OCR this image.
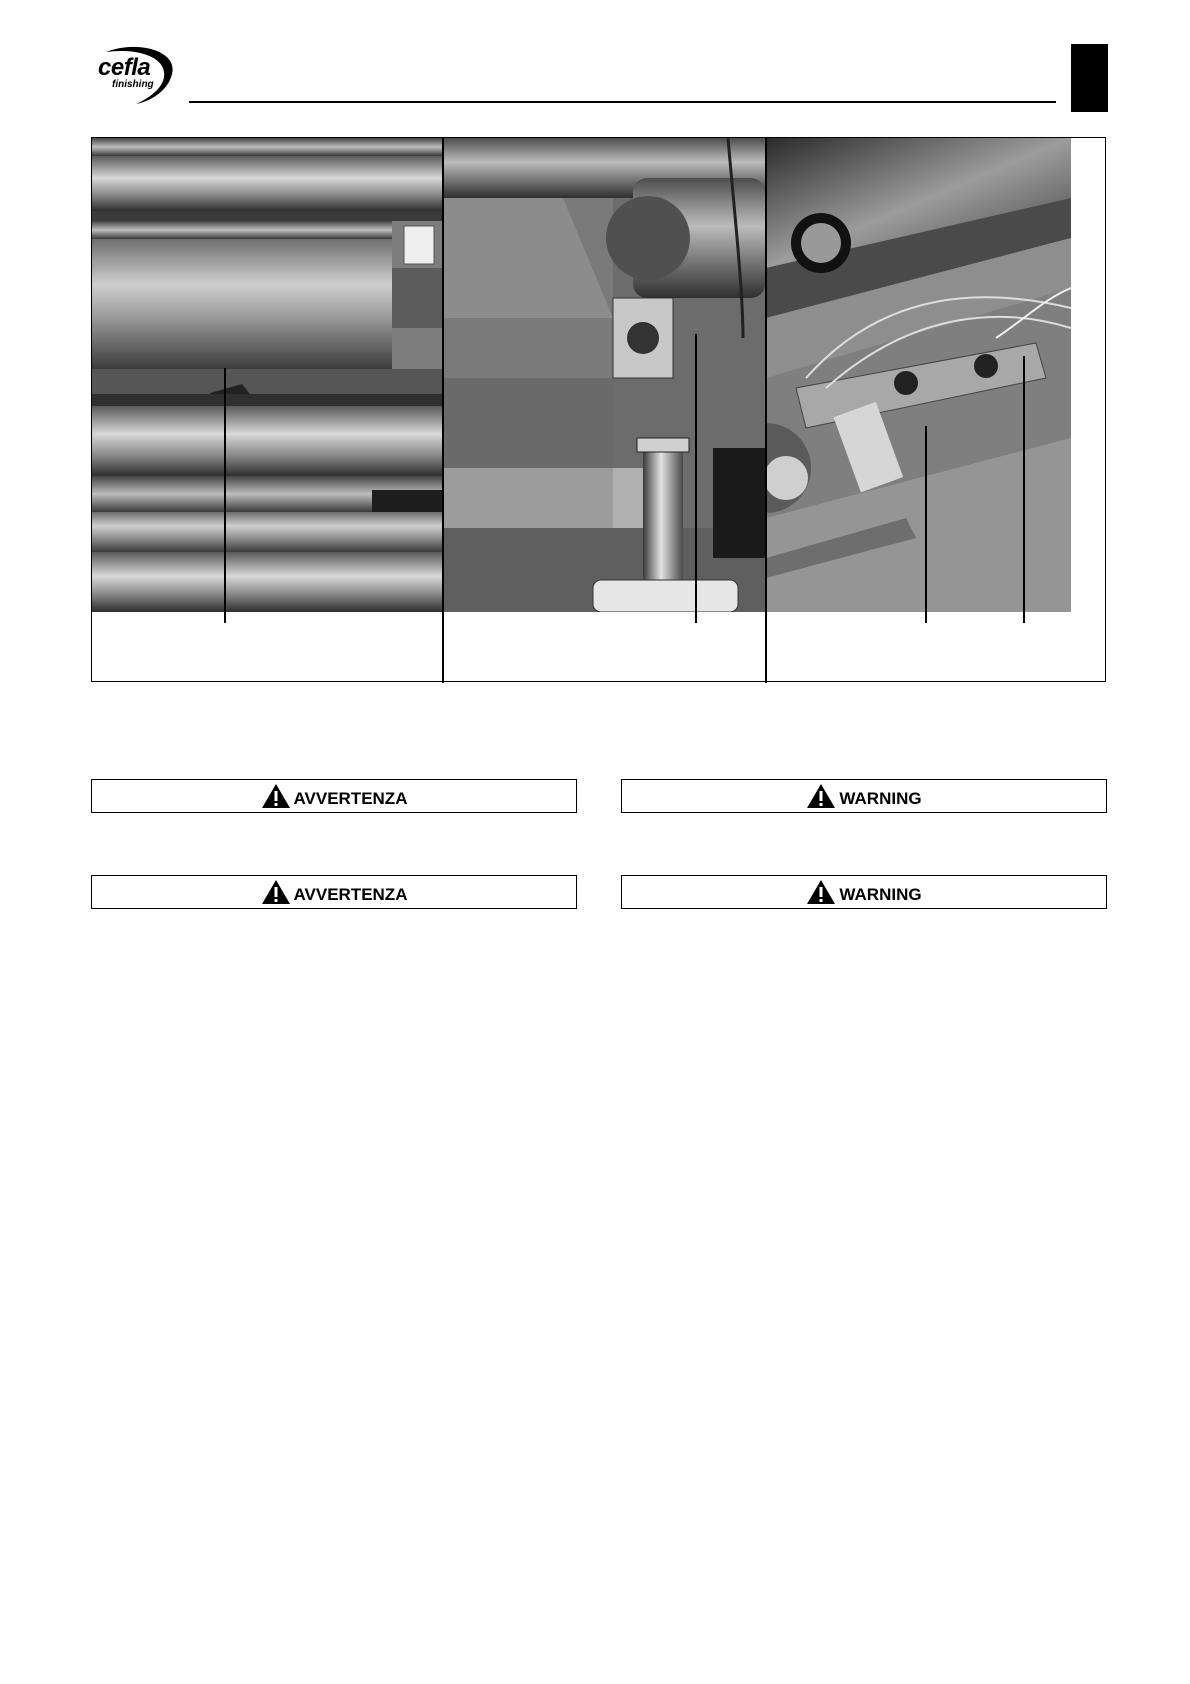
cefla
finishing
AVVERTENZA	WARNING
AVVERTENZA	WARNING
